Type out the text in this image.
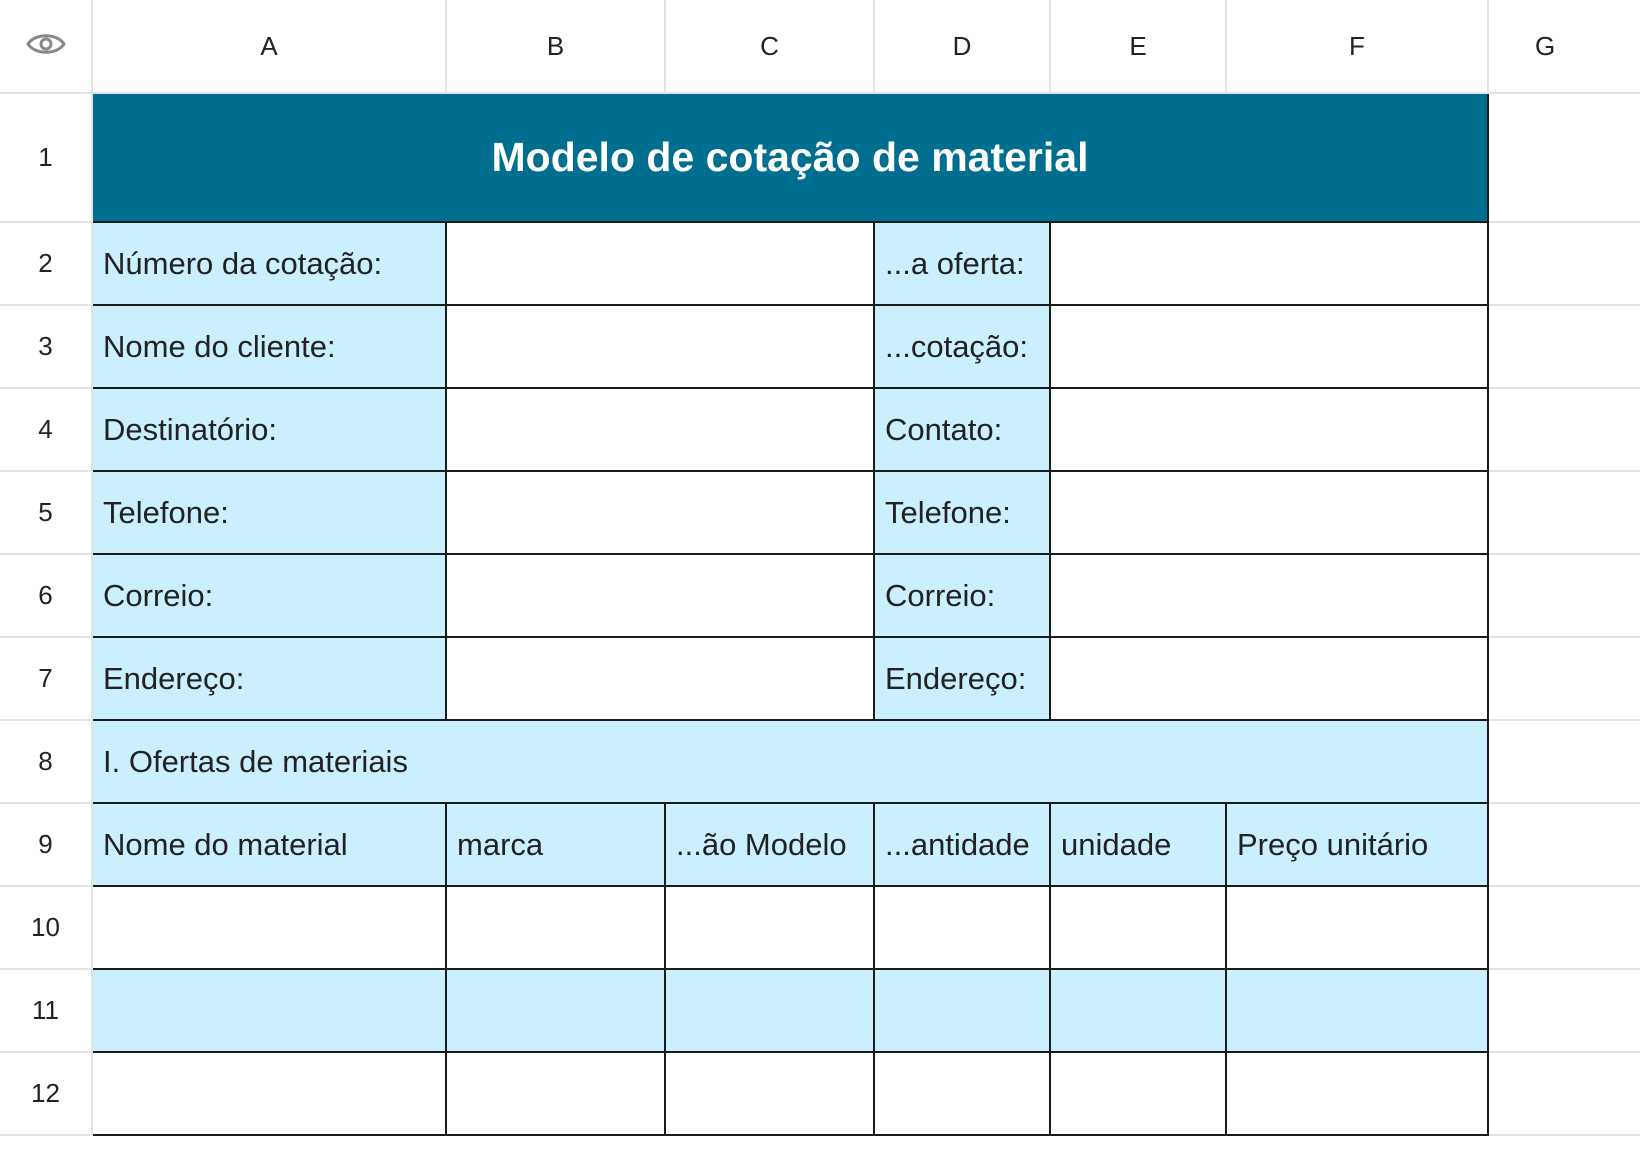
	A	B	C	D	E	F	G
1	Modelo de cotação de material						
2	Número da cotação:			...a oferta:			
3	Nome do cliente:			...cotação:			
4	Destinatório:			Contato:			
5	Telefone:			Telefone:			
6	Correio:			Correio:			
7	Endereço:			Endereço:			
8	I. Ofertas de materiais						
9	Nome do material	marca	...ão Modelo	...antidade	unidade	Preço unitário	
10							
11							
12							
